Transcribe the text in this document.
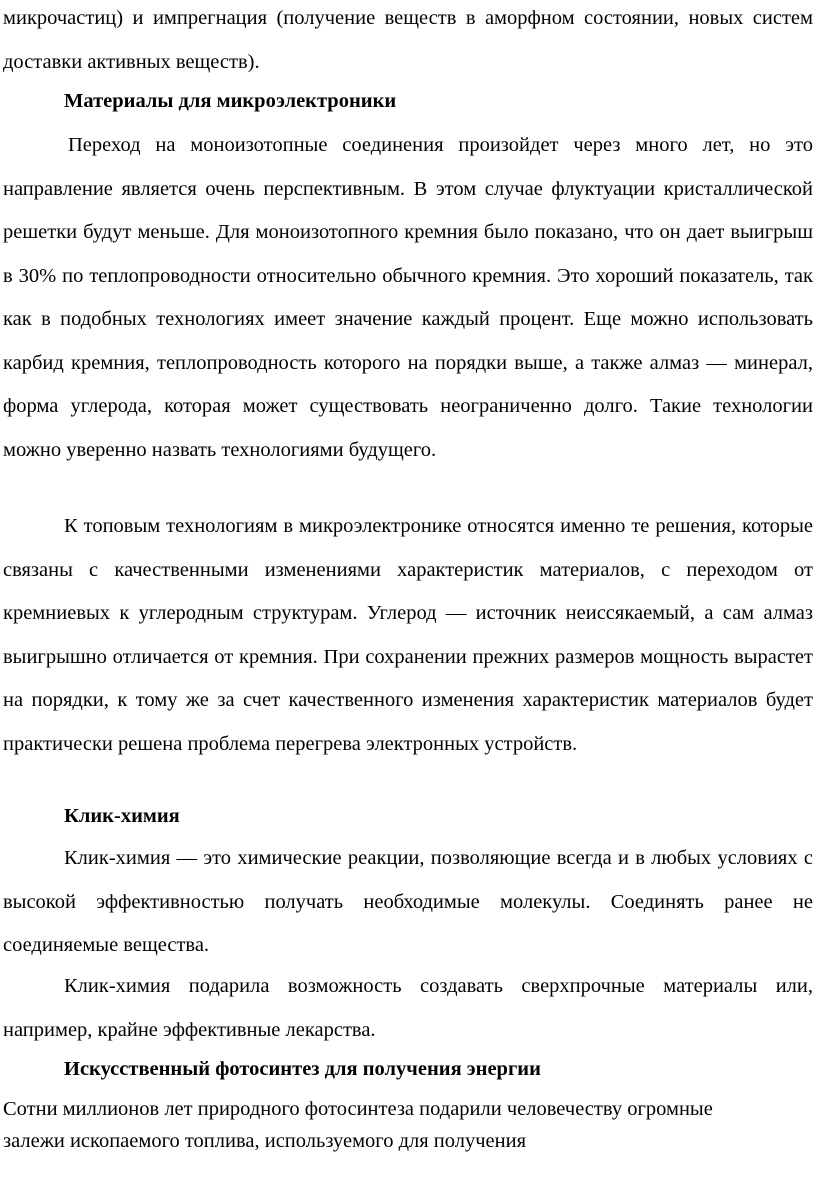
микрочастиц) и импрегнация (получение веществ в аморфном состоянии, новых систем доставки активных веществ).

Материалы для микроэлектроники

Переход на моноизотопные соединения произойдет через много лет, но это направление является очень перспективным. В этом случае флуктуации кристаллической решетки будут меньше. Для моноизотопного кремния было показано, что он дает выигрыш в 30% по теплопроводности относительно обычного кремния. Это хороший показатель, так как в подобных технологиях имеет значение каждый процент. Еще можно использовать карбид кремния, теплопроводность которого на порядки выше, а также алмаз — минерал, форма углерода, которая может существовать неограниченно долго. Такие технологии можно уверенно назвать технологиями будущего.

К топовым технологиям в микроэлектронике относятся именно те решения, которые связаны с качественными изменениями характеристик материалов, с переходом от кремниевых к углеродным структурам. Углерод — источник неиссякаемый, а сам алмаз выигрышно отличается от кремния. При сохранении прежних размеров мощность вырастет на порядки, к тому же за счет качественного изменения характеристик материалов будет практически решена проблема перегрева электронных устройств.

Клик-химия

Клик-химия — это химические реакции, позволяющие всегда и в любых условиях с высокой эффективностью получать необходимые молекулы. Соединять ранее не соединяемые вещества.

Клик-химия подарила возможность создавать сверхпрочные материалы или, например, крайне эффективные лекарства.

Искусственный фотосинтез для получения энергии

Сотни миллионов лет природного фотосинтеза подарили человечеству огромные залежи ископаемого топлива, используемого для получения
